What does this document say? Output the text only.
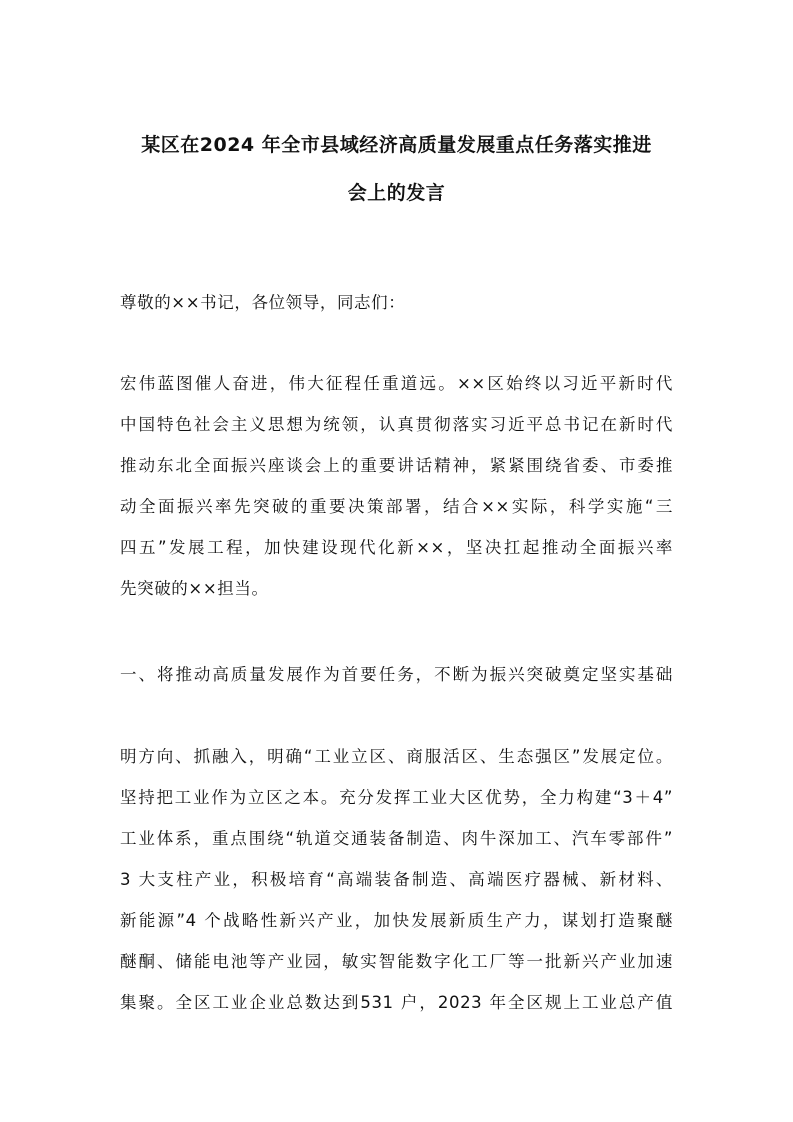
某区在2024 年全市县域经济高质量发展重点任务落实推进
会上的发言
尊敬的××书记，各位领导，同志们：
宏伟蓝图催人奋进，伟大征程任重道远。××区始终以习近平新时代
中国特色社会主义思想为统领，认真贯彻落实习近平总书记在新时代
推动东北全面振兴座谈会上的重要讲话精神，紧紧围绕省委、市委推
动全面振兴率先突破的重要决策部署，结合××实际，科学实施“三
四五”发展工程，加快建设现代化新××，坚决扛起推动全面振兴率
先突破的××担当。
一、将推动高质量发展作为首要任务，不断为振兴突破奠定坚实基础
明方向、抓融入，明确“工业立区、商服活区、生态强区”发展定位。
坚持把工业作为立区之本。充分发挥工业大区优势，全力构建“3＋4”
工业体系，重点围绕“轨道交通装备制造、肉牛深加工、汽车零部件”
3 大支柱产业，积极培育“高端装备制造、高端医疗器械、新材料、
新能源”4 个战略性新兴产业，加快发展新质生产力，谋划打造聚醚
醚酮、储能电池等产业园，敏实智能数字化工厂等一批新兴产业加速
集聚。全区工业企业总数达到531 户，2023 年全区规上工业总产值
